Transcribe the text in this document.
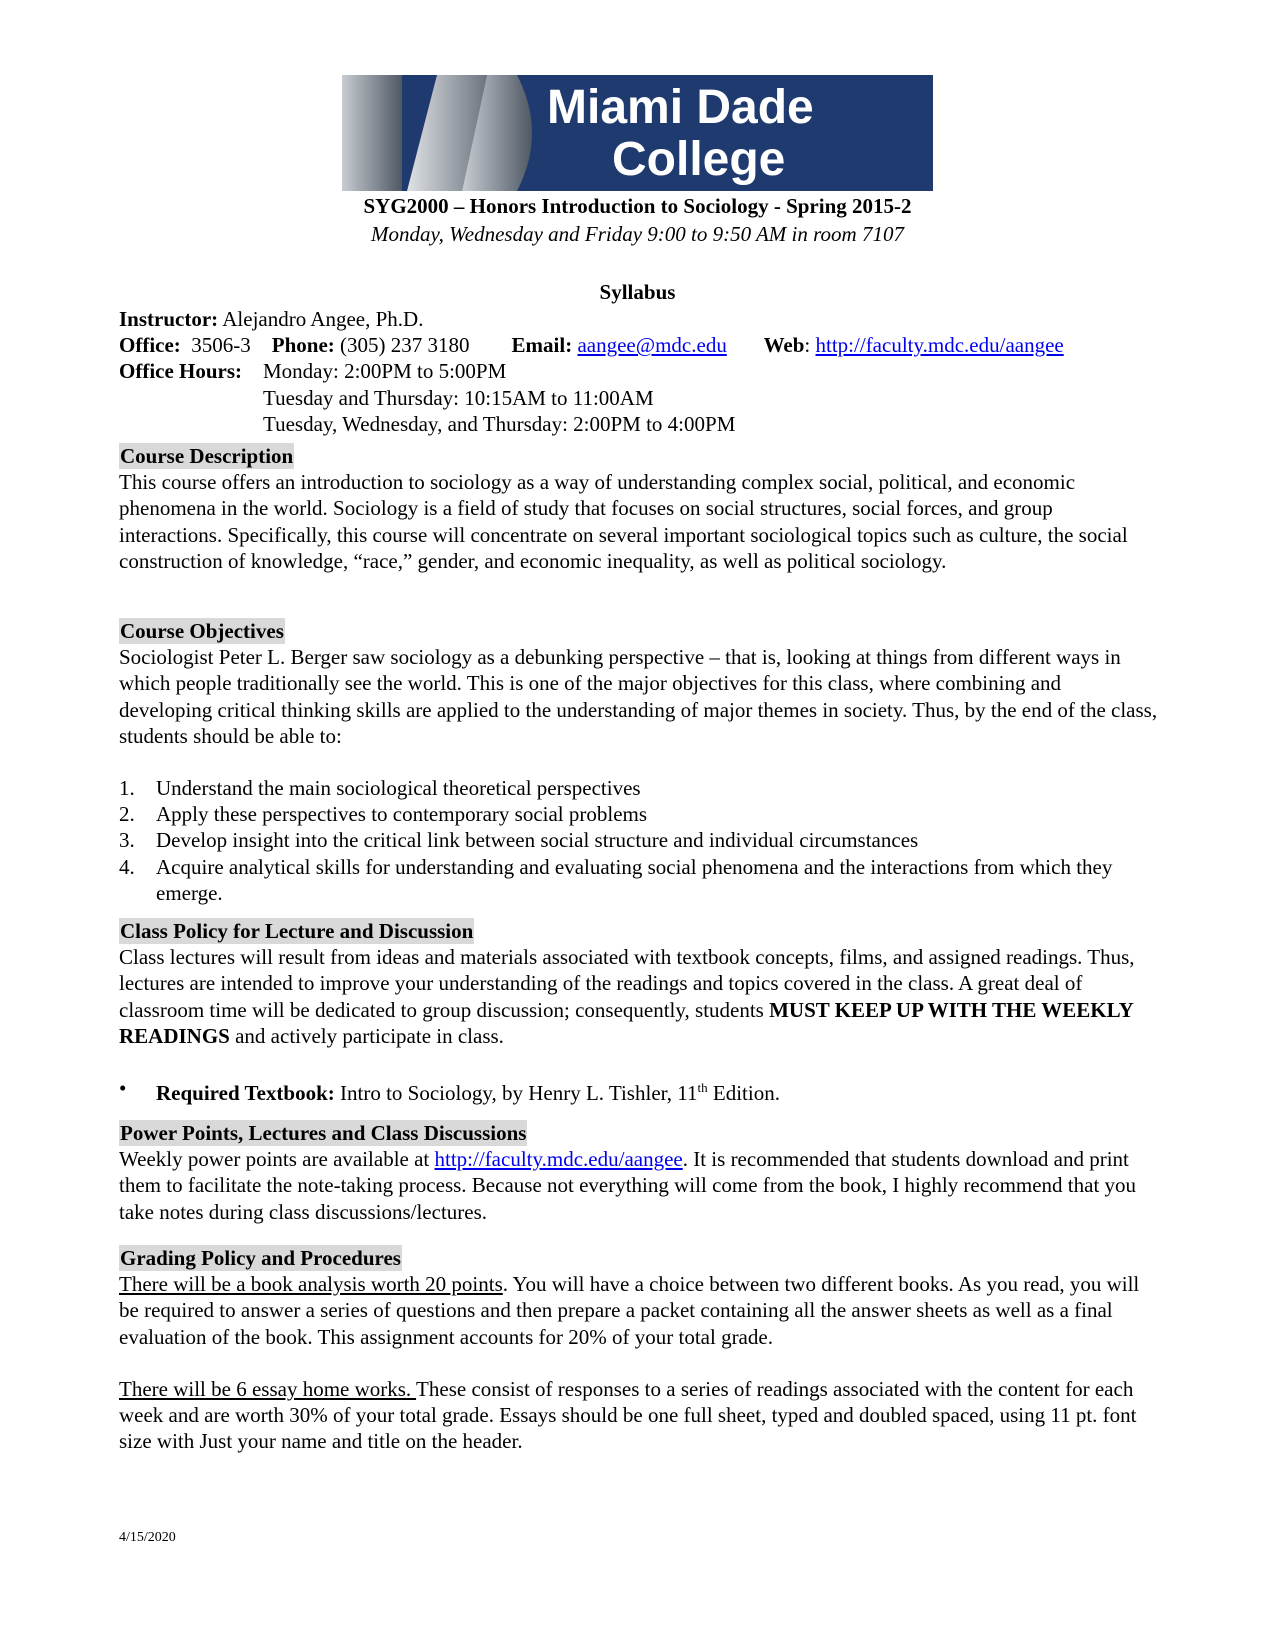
Miami Dade
College
SYG2000 – Honors Introduction to Sociology - Spring 2015-2
Monday, Wednesday and Friday 9:00 to 9:50 AM in room 7107
Syllabus
Instructor: Alejandro Angee, Ph.D.
Office: 3506-3 Phone: (305) 237 3180 Email: aangee@mdc.edu Web: http://faculty.mdc.edu/aangee
Office Hours: Monday: 2:00PM to 5:00PM
Tuesday and Thursday: 10:15AM to 11:00AM
Tuesday, Wednesday, and Thursday: 2:00PM to 4:00PM
Course Description

This course offers an introduction to sociology as a way of understanding complex social, political, and economic phenomena in the world. Sociology is a field of study that focuses on social structures, social forces, and group interactions. Specifically, this course will concentrate on several important sociological topics such as culture, the social construction of knowledge, “race,” gender, and economic inequality, as well as political sociology.

Course Objectives

Sociologist Peter L. Berger saw sociology as a debunking perspective – that is, looking at things from different ways in which people traditionally see the world. This is one of the major objectives for this class, where combining and developing critical thinking skills are applied to the understanding of major themes in society. Thus, by the end of the class, students should be able to:

1. Understand the main sociological theoretical perspectives
2. Apply these perspectives to contemporary social problems
3. Develop insight into the critical link between social structure and individual circumstances
4. Acquire analytical skills for understanding and evaluating social phenomena and the interactions from which they emerge.
Class Policy for Lecture and Discussion

Class lectures will result from ideas and materials associated with textbook concepts, films, and assigned readings. Thus, lectures are intended to improve your understanding of the readings and topics covered in the class. A great deal of classroom time will be dedicated to group discussion; consequently, students MUST KEEP UP WITH THE WEEKLY READINGS and actively participate in class.

• Required Textbook: Intro to Sociology, by Henry L. Tishler, 11th Edition.
Power Points, Lectures and Class Discussions

Weekly power points are available at http://faculty.mdc.edu/aangee. It is recommended that students download and print them to facilitate the note-taking process. Because not everything will come from the book, I highly recommend that you take notes during class discussions/lectures.

Grading Policy and Procedures

There will be a book analysis worth 20 points. You will have a choice between two different books. As you read, you will be required to answer a series of questions and then prepare a packet containing all the answer sheets as well as a final evaluation of the book. This assignment accounts for 20% of your total grade.

There will be 6 essay home works. These consist of responses to a series of readings associated with the content for each week and are worth 30% of your total grade. Essays should be one full sheet, typed and doubled spaced, using 11 pt. font size with Just your name and title on the header.

4/15/2020
